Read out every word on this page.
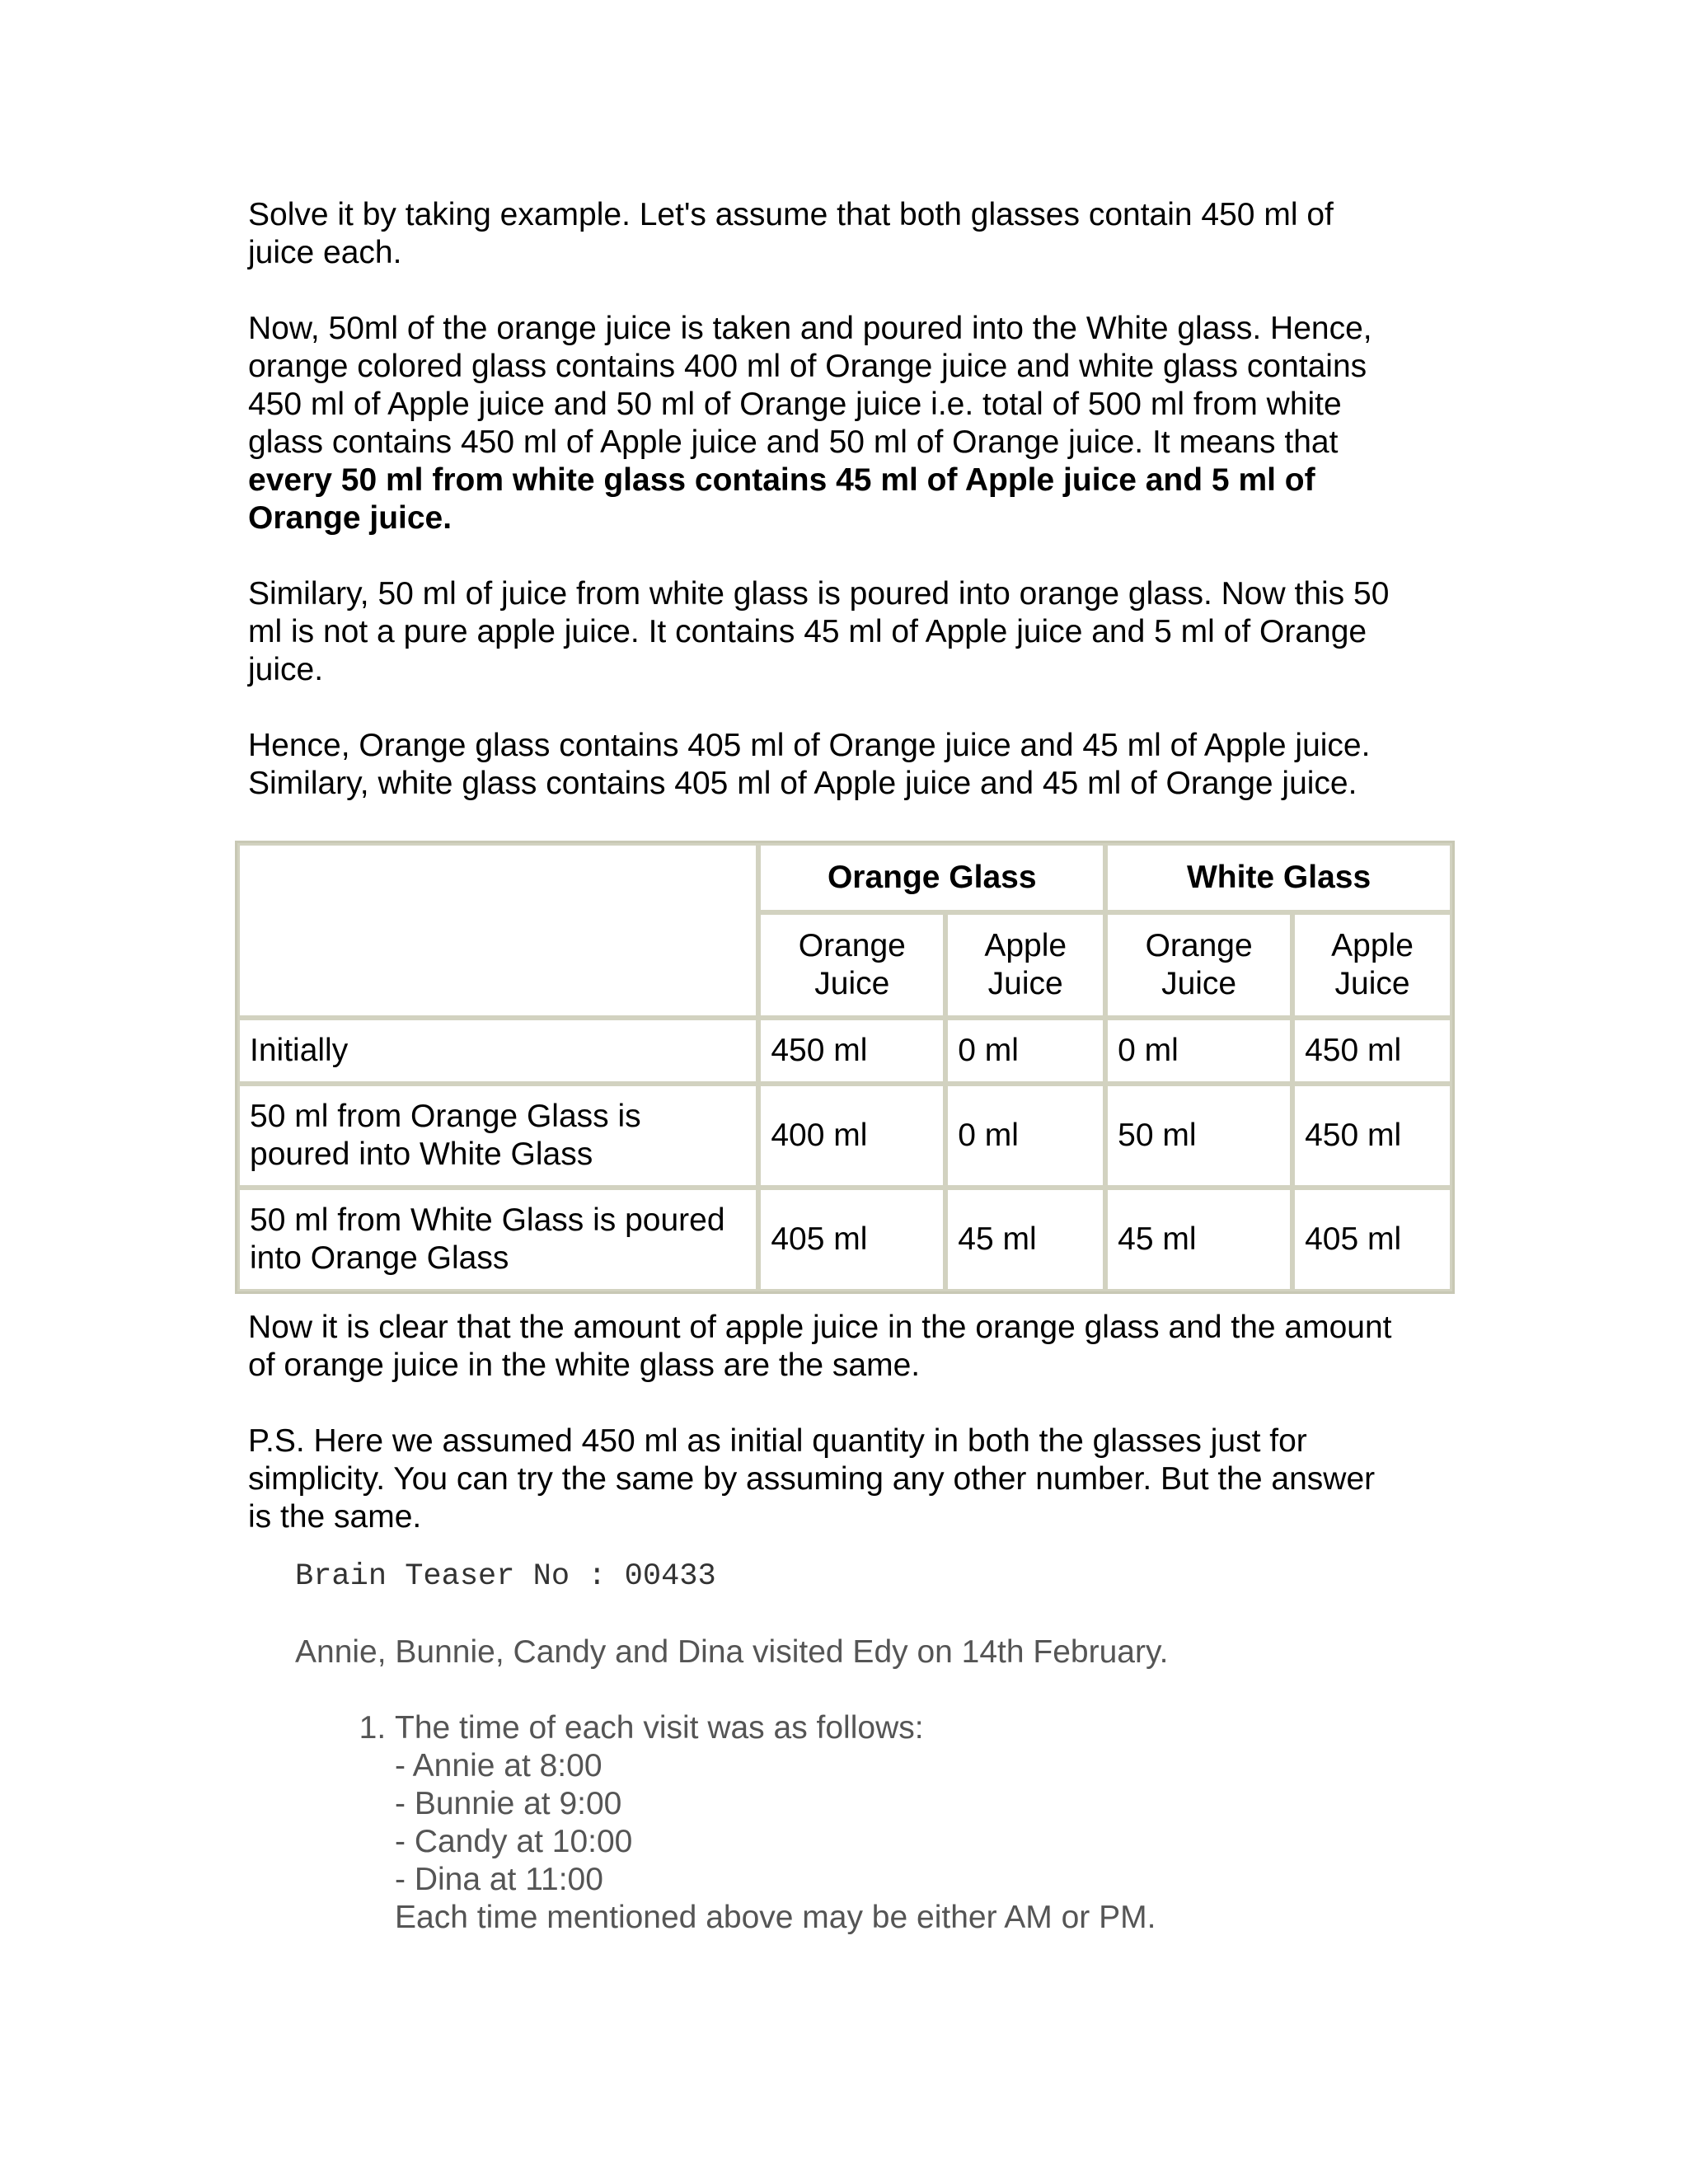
Solve it by taking example. Let's assume that both glasses contain 450 ml of
juice each.

Now, 50ml of the orange juice is taken and poured into the White glass. Hence,
orange colored glass contains 400 ml of Orange juice and white glass contains
450 ml of Apple juice and 50 ml of Orange juice i.e. total of 500 ml from white
glass contains 450 ml of Apple juice and 50 ml of Orange juice. It means that
every 50 ml from white glass contains 45 ml of Apple juice and 5 ml of
Orange juice.

Similary, 50 ml of juice from white glass is poured into orange glass. Now this 50
ml is not a pure apple juice. It contains 45 ml of Apple juice and 5 ml of Orange
juice.

Hence, Orange glass contains 405 ml of Orange juice and 45 ml of Apple juice.
Similary, white glass contains 405 ml of Apple juice and 45 ml of Orange juice.

	Orange Glass		White Glass	

	Orange
Juice	Apple
Juice	Orange
Juice	Apple
Juice

Initially	450 ml	0 ml	0 ml	450 ml

50 ml from Orange Glass is
poured into White Glass	400 ml	0 ml	50 ml	450 ml

50 ml from White Glass is poured
into Orange Glass	405 ml	45 ml	45 ml	405 ml

Now it is clear that the amount of apple juice in the orange glass and the amount
of orange juice in the white glass are the same.

P.S. Here we assumed 450 ml as initial quantity in both the glasses just for
simplicity. You can try the same by assuming any other number. But the answer
is the same.

Brain Teaser No : 00433
Annie, Bunnie, Candy and Dina visited Edy on 14th February.
1. The time of each visit was as follows:
- Annie at 8:00
- Bunnie at 9:00
- Candy at 10:00
- Dina at 11:00
Each time mentioned above may be either AM or PM.
